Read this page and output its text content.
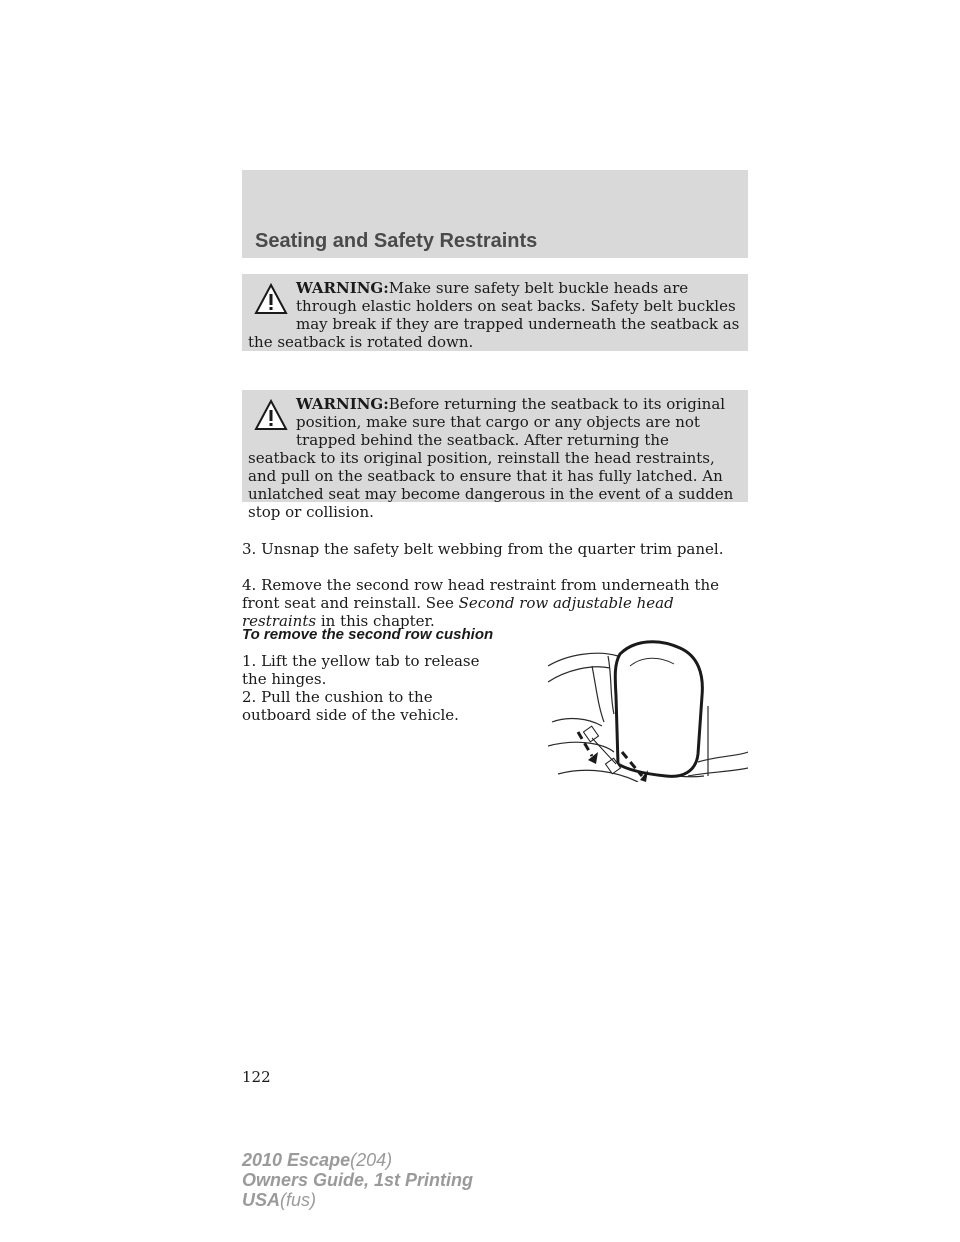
Seating and Safety Restraints

WARNING:Make sure safety belt buckle heads are through elastic holders on seat backs. Safety belt buckles may break if they are trapped underneath the seatback as the seatback is rotated down.

WARNING:Before returning the seatback to its original position, make sure that cargo or any objects are not trapped behind the seatback. After returning the seatback to its original position, reinstall the head restraints, and pull on the seatback to ensure that it has fully latched. An unlatched seat may become dangerous in the event of a sudden stop or collision.

3. Unsnap the safety belt webbing from the quarter trim panel.

4. Remove the second row head restraint from underneath the front seat and reinstall. See Second row adjustable head restraints in this chapter.

To remove the second row cushion

1. Lift the yellow tab to release the hinges.

2. Pull the cushion to the outboard side of the vehicle.

122
2010 Escape(204)
Owners Guide, 1st Printing
USA(fus)
